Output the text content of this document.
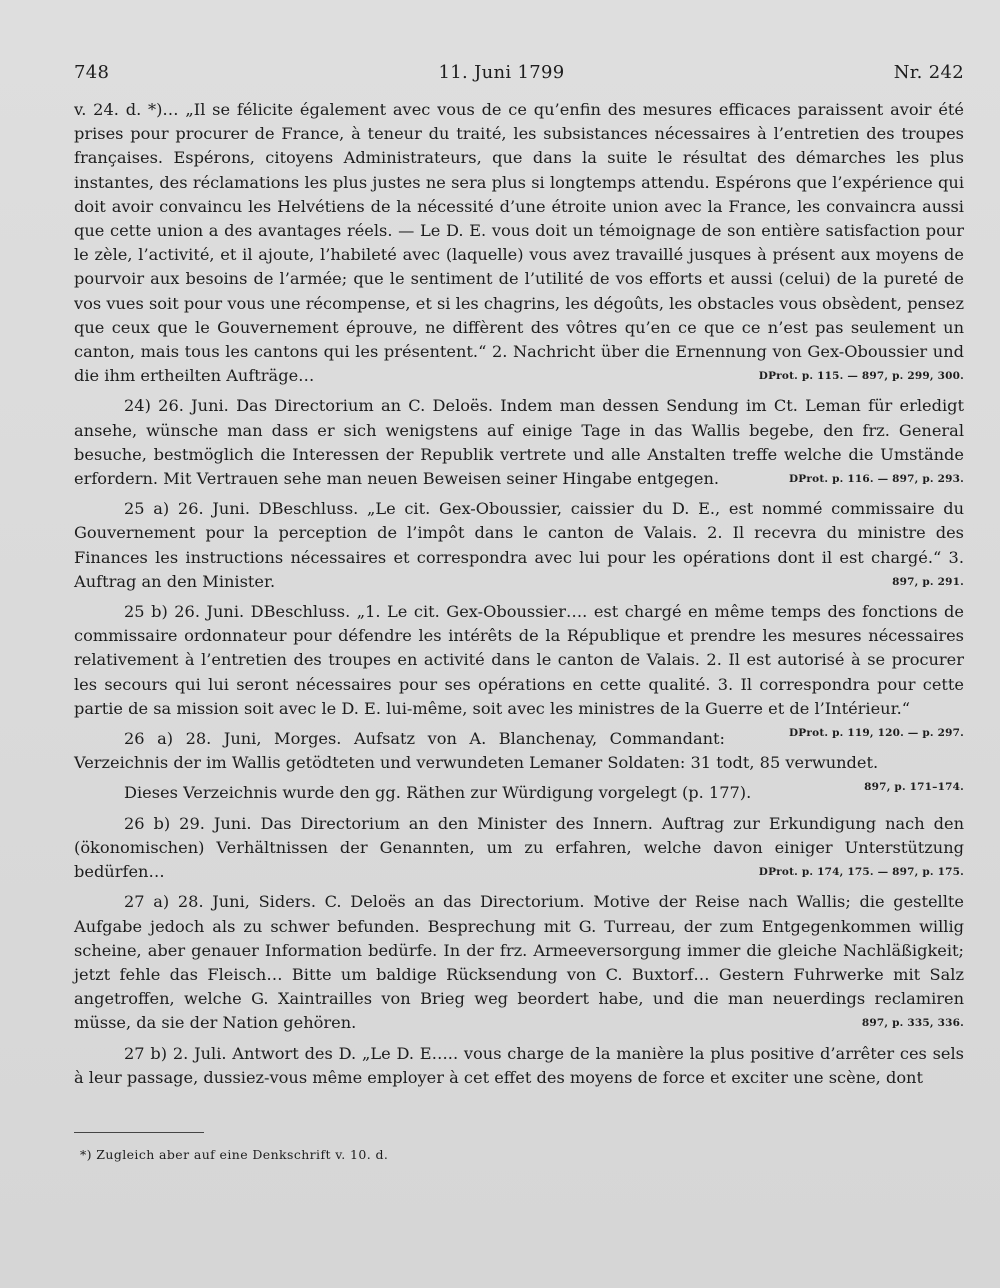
748	11. Juni 1799	Nr. 242

v. 24. d. *)… „Il se félicite également avec vous de ce qu’enfin des mesures efficaces paraissent avoir été prises pour procurer de France, à teneur du traité, les subsistances nécessaires à l’entretien des troupes françaises. Espérons, citoyens Administrateurs, que dans la suite le résultat des démarches les plus instantes, des réclamations les plus justes ne sera plus si longtemps attendu. Espérons que l’expérience qui doit avoir convaincu les Helvétiens de la nécessité d’une étroite union avec la France, les convaincra aussi que cette union a des avantages réels. — Le D. E. vous doit un témoignage de son entière satisfaction pour le zèle, l’activité, et il ajoute, l’habileté avec (laquelle) vous avez travaillé jusques à présent aux moyens de pourvoir aux besoins de l’armée; que le sentiment de l’utilité de vos efforts et aussi (celui) de la pureté de vos vues soit pour vous une récompense, et si les chagrins, les dégoûts, les obstacles vous obsèdent, pensez que ceux que le Gouvernement éprouve, ne diffèrent des vôtres qu’en ce que ce n’est pas seulement un canton, mais tous les cantons qui les présentent.“ 2. Nachricht über die Ernennung von Gex-Oboussier und die ihm ertheilten Aufträge…	DProt. p. 115. — 897, p. 299, 300.

24) 26. Juni. Das Directorium an C. Deloës. Indem man dessen Sendung im Ct. Leman für erledigt ansehe, wünsche man dass er sich wenigstens auf einige Tage in das Wallis begebe, den frz. General besuche, bestmöglich die Interessen der Republik vertrete und alle Anstalten treffe welche die Umstände erfordern. Mit Vertrauen sehe man neuen Beweisen seiner Hingabe entgegen.	DProt. p. 116. — 897, p. 293.

25 a) 26. Juni. DBeschluss. „Le cit. Gex-Oboussier, caissier du D. E., est nommé commissaire du Gouvernement pour la perception de l’impôt dans le canton de Valais. 2. Il recevra du ministre des Finances les instructions nécessaires et correspondra avec lui pour les opérations dont il est chargé.“ 3. Auftrag an den Minister.	897, p. 291.

25 b) 26. Juni. DBeschluss. „1. Le cit. Gex-Oboussier…. est chargé en même temps des fonctions de commissaire ordonnateur pour défendre les intérêts de la République et prendre les mesures nécessaires relativement à l’entretien des troupes en activité dans le canton de Valais. 2. Il est autorisé à se procurer les secours qui lui seront nécessaires pour ses opérations en cette qualité. 3. Il correspondra pour cette partie de sa mission soit avec le D. E. lui-même, soit avec les ministres de la Guerre et de l’Intérieur.“
DProt. p. 119, 120. — p. 297.

26 a) 28. Juni, Morges. Aufsatz von A. Blanchenay, Commandant: Verzeichnis der im Wallis getödteten und verwundeten Lemaner Soldaten: 31 todt, 85 verwundet.
897, p. 171–174.

Dieses Verzeichnis wurde den gg. Räthen zur Würdigung vorgelegt (p. 177).

26 b) 29. Juni. Das Directorium an den Minister des Innern. Auftrag zur Erkundigung nach den (ökonomischen) Verhältnissen der Genannten, um zu erfahren, welche davon einiger Unterstützung bedürfen…	DProt. p. 174, 175. — 897, p. 175.

27 a) 28. Juni, Siders. C. Deloës an das Directorium. Motive der Reise nach Wallis; die gestellte Aufgabe jedoch als zu schwer befunden. Besprechung mit G. Turreau, der zum Entgegenkommen willig scheine, aber genauer Information bedürfe. In der frz. Armeeversorgung immer die gleiche Nachläßigkeit; jetzt fehle das Fleisch… Bitte um baldige Rücksendung von C. Buxtorf… Gestern Fuhrwerke mit Salz angetroffen, welche G. Xaintrailles von Brieg weg beordert habe, und die man neuerdings reclamiren müsse, da sie der Nation gehören.	897, p. 335, 336.

27 b) 2. Juli. Antwort des D. „Le D. E….. vous charge de la manière la plus positive d’arrêter ces sels à leur passage, dussiez-vous même employer à cet effet des moyens de force et exciter une scène, dont

*) Zugleich aber auf eine Denkschrift v. 10. d.
